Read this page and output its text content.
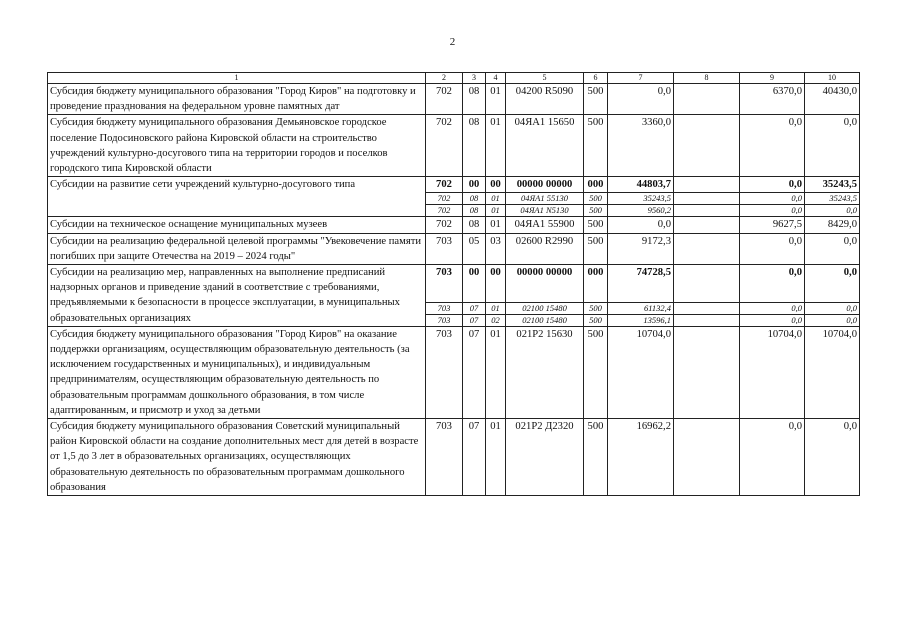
2
1	2	3	4	5	6	7	8	9	10
Субсидия бюджету муниципального образования "Город Киров" на подготовку и проведение празднования на федеральном уровне памятных дат	702	08	01	04200 R5090	500	0,0		6370,0	40430,0
Субсидия бюджету муниципального образования Демьяновское городское поселение Подосиновского района Кировской области на строительство учреждений культурно-досугового типа на территории городов и поселков городского типа Кировской области	702	08	01	04ЯА1 15650	500	3360,0		0,0	0,0
Субсидии на развитие сети учреждений культурно-досугового типа	702	00	00	00000 00000	000	44803,7		0,0	35243,5
	702	08	01	04ЯА1 55130	500	35243,5		0,0	35243,5
	702	08	01	04ЯА1 N5130	500	9560,2		0,0	0,0
Субсидии на техническое оснащение муниципальных музеев	702	08	01	04ЯА1 55900	500	0,0		9627,5	8429,0
Субсидии на реализацию федеральной целевой программы "Увековечение памяти погибших при защите Отечества на 2019 – 2024 годы"	703	05	03	02600 R2990	500	9172,3		0,0	0,0
Субсидии на реализацию мер, направленных на выполнение предписаний надзорных органов и приведение зданий в соответствие с требованиями, предъявляемыми к безопасности в процессе эксплуатации, в муниципальных образовательных организациях	703	00	00	00000 00000	000	74728,5		0,0	0,0
	703	07	01	02100 15480	500	61132,4		0,0	0,0
	703	07	02	02100 15480	500	13596,1		0,0	0,0
Субсидия бюджету муниципального образования "Город Киров" на оказание поддержки организациям, осуществляющим образовательную деятельность (за исключением государственных и муниципальных), и индивидуальным предпринимателям, осуществляющим образовательную деятельность по образовательным программам дошкольного образования, в том числе адаптированным, и присмотр и уход за детьми	703	07	01	021P2 15630	500	10704,0		10704,0	10704,0
Субсидия бюджету муниципального образования Советский муниципальный район Кировской области на создание дополнительных мест для детей в возрасте от 1,5 до 3 лет в образовательных организациях, осуществляющих образовательную деятельность по образовательным программам дошкольного образования	703	07	01	021P2 Д2320	500	16962,2		0,0	0,0
